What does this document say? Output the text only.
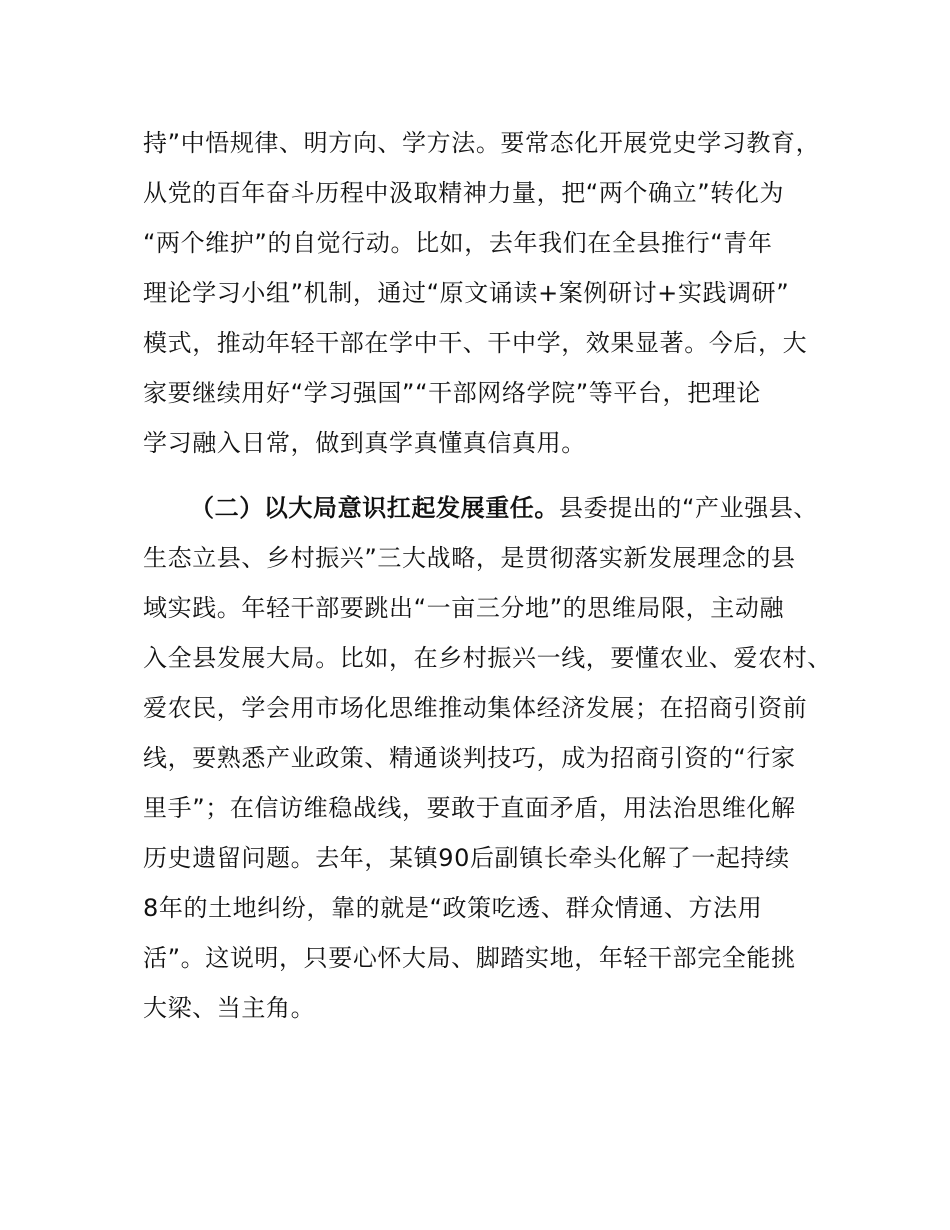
持”中悟规律、明方向、学方法。要常态化开展党史学习教育，
从党的百年奋斗历程中汲取精神力量，把“两个确立”转化为
“两个维护”的自觉行动。比如，去年我们在全县推行“青年
理论学习小组”机制，通过“原文诵读+案例研讨+实践调研”
模式，推动年轻干部在学中干、干中学，效果显著。今后，大
家要继续用好“学习强国”“干部网络学院”等平台，把理论
学习融入日常，做到真学真懂真信真用。
（二）以大局意识扛起发展重任。县委提出的“产业强县、
生态立县、乡村振兴”三大战略，是贯彻落实新发展理念的县
域实践。年轻干部要跳出“一亩三分地”的思维局限，主动融
入全县发展大局。比如，在乡村振兴一线，要懂农业、爱农村、
爱农民，学会用市场化思维推动集体经济发展；在招商引资前
线，要熟悉产业政策、精通谈判技巧，成为招商引资的“行家
里手”；在信访维稳战线，要敢于直面矛盾，用法治思维化解
历史遗留问题。去年，某镇90后副镇长牵头化解了一起持续
8年的土地纠纷，靠的就是“政策吃透、群众情通、方法用
活”。这说明，只要心怀大局、脚踏实地，年轻干部完全能挑
大梁、当主角。
